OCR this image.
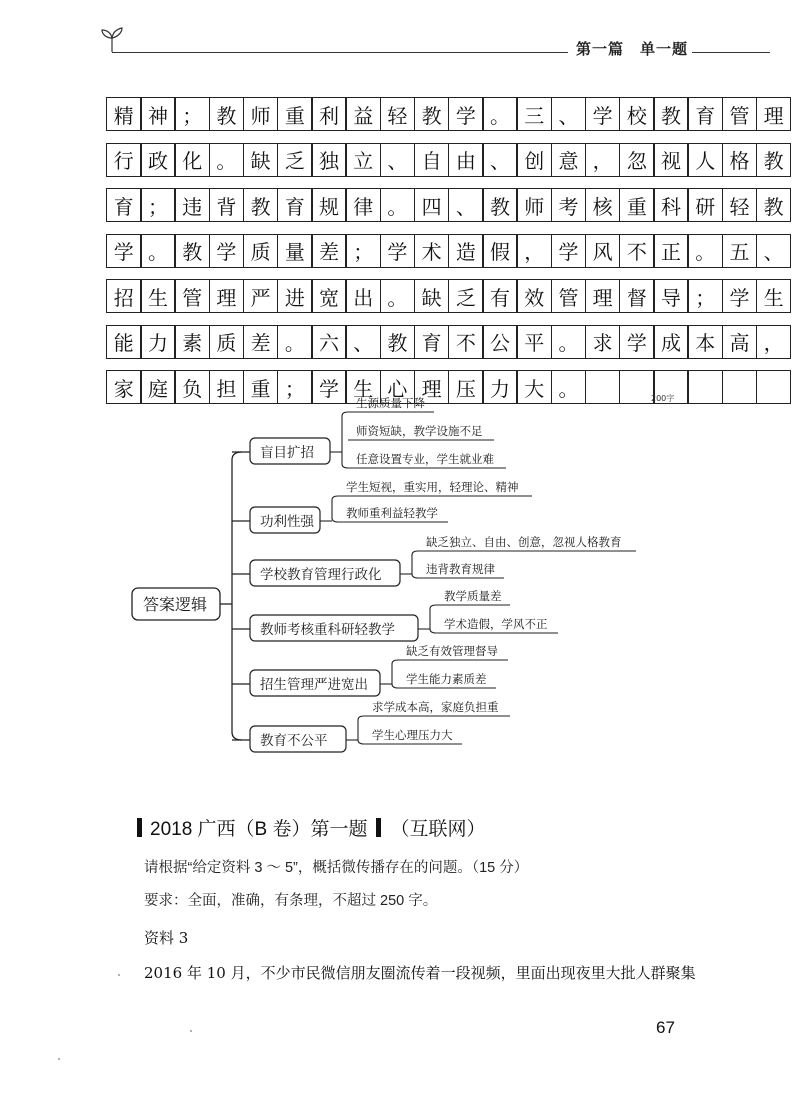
第一篇　单一题
精 神 ； 教 师 重 利 益 轻 教 学 。 三 、 学 校 教 育 管 理
行 政 化 。 缺 乏 独 立 、 自 由 、 创 意 ， 忽 视 人 格 教
育 ； 违 背 教 育 规 律 。 四 、 教 师 考 核 重 科 研 轻 教
学 。 教 学 质 量 差 ； 学 术 造 假 ， 学 风 不 正 。 五 、
招 生 管 理 严 进 宽 出 。 缺 乏 有 效 管 理 督 导 ； 学 生
能 力 素 质 差 。 六 、 教 育 不 公 平 。 求 学 成 本 高 ，
家 庭 负 担 重 ； 学 生 心 理 压 力 大 。	200字
答案逻辑
盲目扩招
生源质量下降
师资短缺，教学设施不足
任意设置专业，学生就业难
功利性强
学生短视，重实用，轻理论、精神
教师重利益轻教学
学校教育管理行政化
缺乏独立、自由、创意，忽视人格教育
违背教育规律
教师考核重科研轻教学
教学质量差
学术造假，学风不正
招生管理严进宽出
缺乏有效管理督导
学生能力素质差
教育不公平
求学成本高，家庭负担重
学生心理压力大
2018 广西（B 卷）第一题 （互联网）
请根据“给定资料 3 ～ 5”，概括微传播存在的问题。（15 分）
要求：全面，准确，有条理，不超过 250 字。
资料 3
2016 年 10 月，不少市民微信朋友圈流传着一段视频，里面出现夜里大批人群聚集
67
